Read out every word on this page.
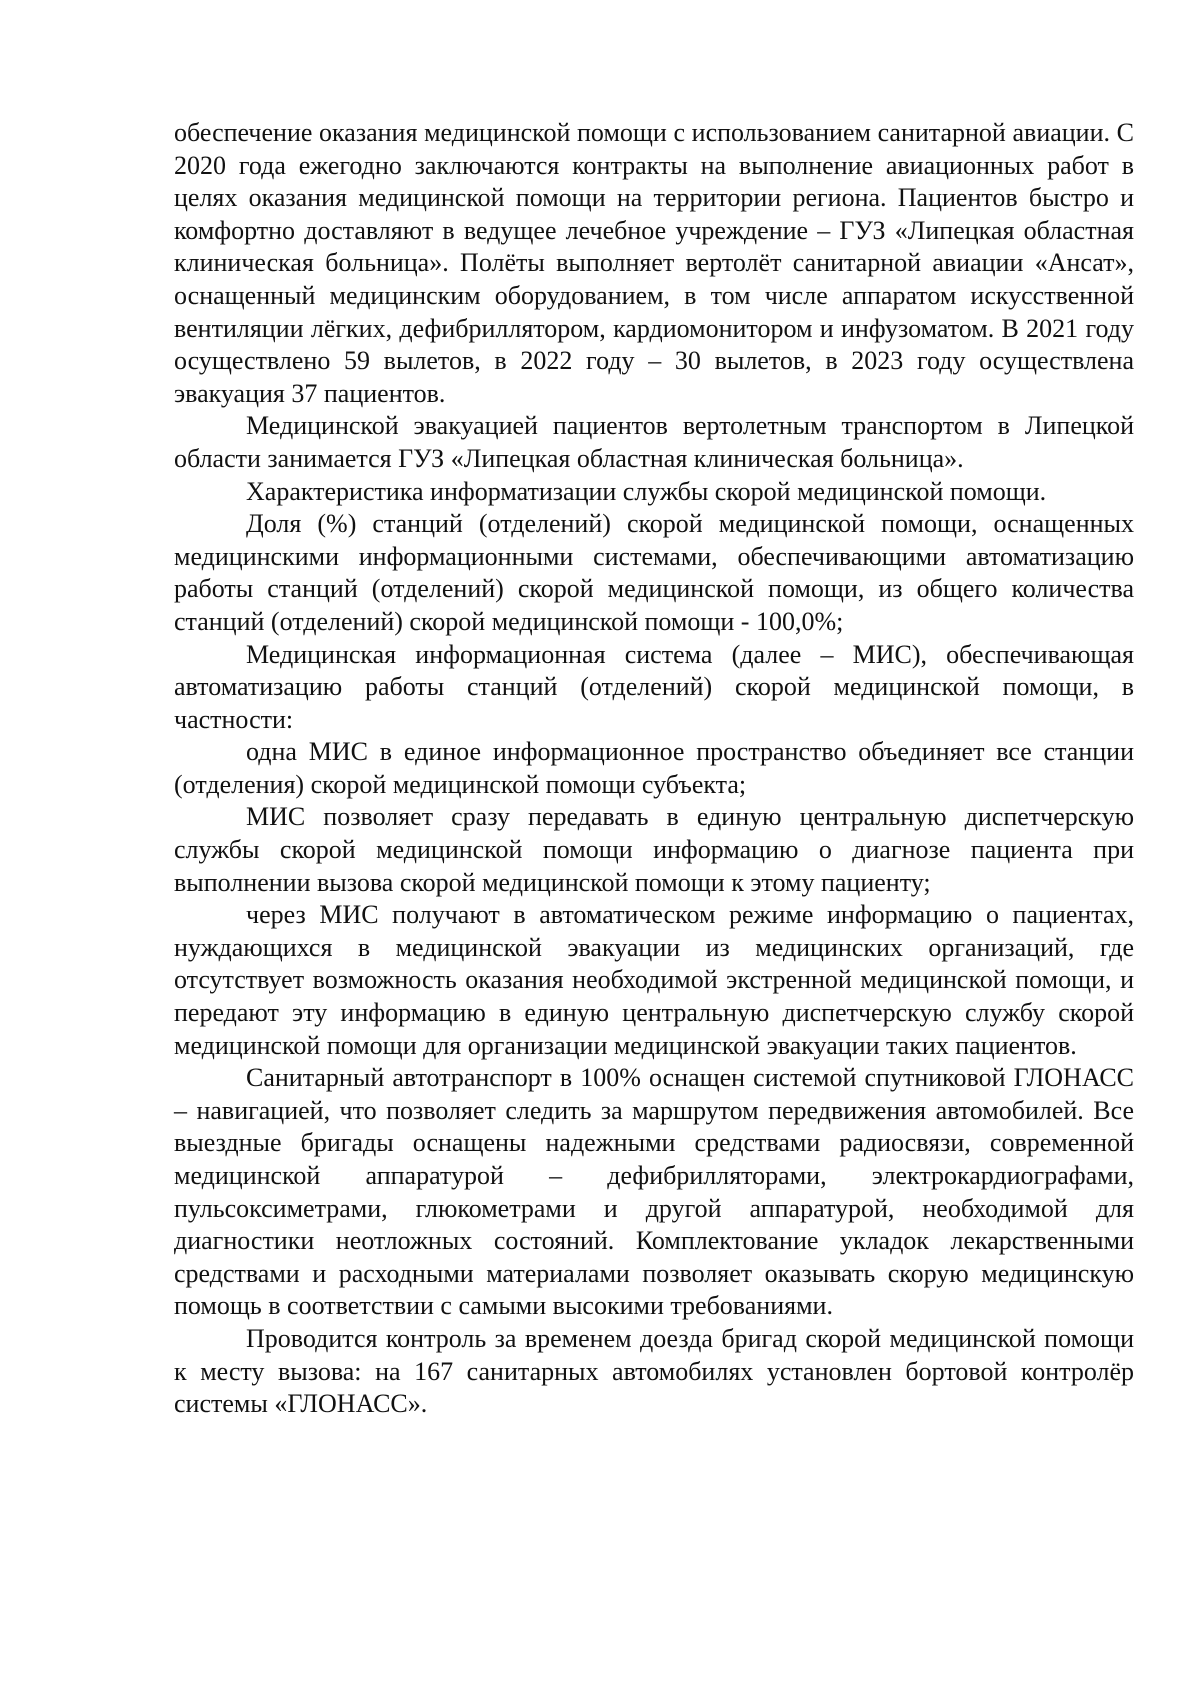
обеспечение оказания медицинской помощи с использованием санитарной авиации. С 2020 года ежегодно заключаются контракты на выполнение авиационных работ в целях оказания медицинской помощи на территории региона. Пациентов быстро и комфортно доставляют в ведущее лечебное учреждение – ГУЗ «Липецкая областная клиническая больница». Полёты выполняет вертолёт санитарной авиации «Ансат», оснащенный медицинским оборудованием, в том числе аппаратом искусственной вентиляции лёгких, дефибриллятором, кардиомонитором и инфузоматом. В 2021 году осуществлено 59 вылетов, в 2022 году – 30 вылетов, в 2023 году осуществлена эвакуация 37 пациентов.

Медицинской эвакуацией пациентов вертолетным транспортом в Липецкой области занимается ГУЗ «Липецкая областная клиническая больница».

Характеристика информатизации службы скорой медицинской помощи.

Доля (%) станций (отделений) скорой медицинской помощи, оснащенных медицинскими информационными системами, обеспечивающими автоматизацию работы станций (отделений) скорой медицинской помощи, из общего количества станций (отделений) скорой медицинской помощи - 100,0%;

Медицинская информационная система (далее – МИС), обеспечивающая автоматизацию работы станций (отделений) скорой медицинской помощи, в частности:

одна МИС в единое информационное пространство объединяет все станции (отделения) скорой медицинской помощи субъекта;

МИС позволяет сразу передавать в единую центральную диспетчерскую службы скорой медицинской помощи информацию о диагнозе пациента при выполнении вызова скорой медицинской помощи к этому пациенту;

через МИС получают в автоматическом режиме информацию о пациентах, нуждающихся в медицинской эвакуации из медицинских организаций, где отсутствует возможность оказания необходимой экстренной медицинской помощи, и передают эту информацию в единую центральную диспетчерскую службу скорой медицинской помощи для организации медицинской эвакуации таких пациентов.

Санитарный автотранспорт в 100% оснащен системой спутниковой ГЛОНАСС – навигацией, что позволяет следить за маршрутом передвижения автомобилей. Все выездные бригады оснащены надежными средствами радиосвязи, современной медицинской аппаратурой – дефибрилляторами, электрокардиографами, пульсоксиметрами, глюкометрами и другой аппаратурой, необходимой для диагностики неотложных состояний. Комплектование укладок лекарственными средствами и расходными материалами позволяет оказывать скорую медицинскую помощь в соответствии с самыми высокими требованиями.

Проводится контроль за временем доезда бригад скорой медицинской помощи к месту вызова: на 167 санитарных автомобилях установлен бортовой контролёр системы «ГЛОНАСС».
